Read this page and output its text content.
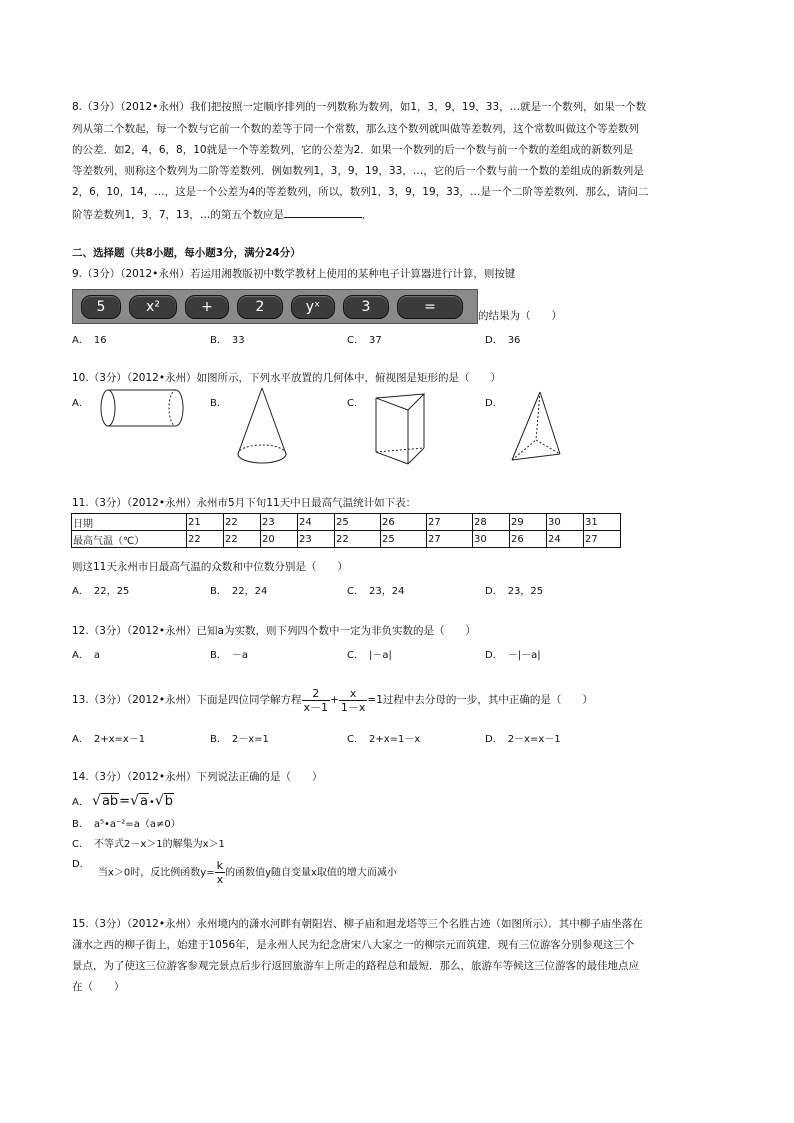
8.（3分）（2012•永州）我们把按照一定顺序排列的一列数称为数列，如1，3，9，19，33，…就是一个数列，如果一个数
列从第二个数起，每一个数与它前一个数的差等于同一个常数，那么这个数列就叫做等差数列，这个常数叫做这个等差数列
的公差．如2，4，6，8，10就是一个等差数列，它的公差为2．如果一个数列的后一个数与前一个数的差组成的新数列是
等差数列，则称这个数列为二阶等差数列．例如数列1，3，9，19，33，…，它的后一个数与前一个数的差组成的新数列是
2，6，10，14，…，这是一个公差为4的等差数列，所以，数列1，3，9，19，33，…是一个二阶等差数列．那么，请问二
阶等差数列1，3，7，13，…的第五个数应是	．
二、选择题（共8小题，每小题3分，满分24分）
9.（3分）（2012•永州）若运用湘教版初中数学教材上使用的某种电子计算器进行计算，则按键
5	x²	+	2	yˣ	3	=
的结果为（　　）
A．　16	B．　33	C．　37	D．　36
10.（3分）（2012•永州）如图所示，下列水平放置的几何体中，俯视图是矩形的是（　　）
A．	B．	C．	D．
11.（3分）（2012•永州）永州市5月下旬11天中日最高气温统计如下表：
日期	21	22	23	24	25	26	27	28	29	30	31
最高气温（℃）	22	22	20	23	22	25	27	30	26	24	27
则这11天永州市日最高气温的众数和中位数分别是（　　）
A．　22，25	B．　22，24	C．　23，24	D．　23，25
12.（3分）（2012•永州）已知a为实数，则下列四个数中一定为非负实数的是（　　）
A．　a	B．　－a	C．　|－a|	D．　－|－a|
13.（3分）（2012•永州）下面是四位同学解方程 $\frac{2}{x-1} + \frac{x}{1-x} =1$过程中去分母的一步，其中正确的是（　　）
A．　2+x=x－1	B．　2－x=1	C．　2+x=1－x	D．　2－x=x－1
14.（3分）（2012•永州）下列说法正确的是（　　）
A． √ab=√a•√b
B．　a⁵•a⁻²=a（a≠0）
C．　不等式2－x＞1的解集为x＞1
D．
当x＞0时，反比例函数$y= \frac{k}{x}$ 的函数值y随自变量x取值的增大而减小
15.（3分）（2012•永州）永州境内的潇水河畔有朝阳岩、柳子庙和迴龙塔等三个名胜古迹（如图所示）．其中柳子庙坐落在
潇水之西的柳子街上，始建于1056年，是永州人民为纪念唐宋八大家之一的柳宗元而筑建．现有三位游客分别参观这三个
景点，为了使这三位游客参观完景点后步行返回旅游车上所走的路程总和最短．那么，旅游车等候这三位游客的最佳地点应
在（　　）
